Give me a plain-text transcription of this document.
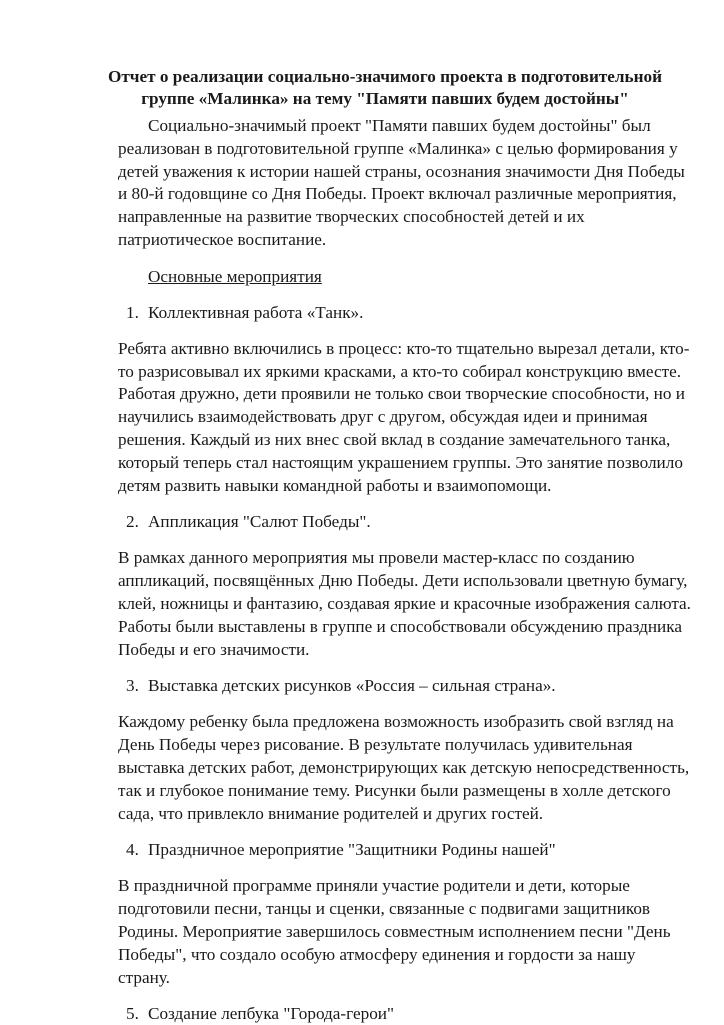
Отчет о реализации социально-значимого проекта в подготовительной
группе «Малинка» на тему "Памяти павших будем достойны"
Социально-значимый проект "Памяти павших будем достойны" был
реализован в подготовительной группе «Малинка» с целью формирования у
детей уважения к истории нашей страны, осознания значимости Дня Победы
и 80-й годовщине со Дня Победы. Проект включал различные мероприятия,
направленные на развитие творческих способностей детей и их
патриотическое воспитание.
Основные мероприятия
1. Коллективная работа «Танк».
Ребята активно включились в процесс: кто-то тщательно вырезал детали, кто-
то разрисовывал их яркими красками, а кто-то собирал конструкцию вместе.
Работая дружно, дети проявили не только свои творческие способности, но и
научились взаимодействовать друг с другом, обсуждая идеи и принимая
решения. Каждый из них внес свой вклад в создание замечательного танка,
который теперь стал настоящим украшением группы. Это занятие позволило
детям развить навыки командной работы и взаимопомощи.
2. Аппликация "Салют Победы".
В рамках данного мероприятия мы провели мастер-класс по созданию
аппликаций, посвящённых Дню Победы. Дети использовали цветную бумагу,
клей, ножницы и фантазию, создавая яркие и красочные изображения салюта.
Работы были выставлены в группе и способствовали обсуждению праздника
Победы и его значимости.
3. Выставка детских рисунков «Россия – сильная страна».
Каждому ребенку была предложена возможность изобразить свой взгляд на
День Победы через рисование. В результате получилась удивительная
выставка детских работ, демонстрирующих как детскую непосредственность,
так и глубокое понимание тему. Рисунки были размещены в холле детского
сада, что привлекло внимание родителей и других гостей.
4. Праздничное мероприятие "Защитники Родины нашей"
В праздничной программе приняли участие родители и дети, которые
подготовили песни, танцы и сценки, связанные с подвигами защитников
Родины. Мероприятие завершилось совместным исполнением песни "День
Победы", что создало особую атмосферу единения и гордости за нашу
страну.
5. Создание лепбука "Города-герои"
